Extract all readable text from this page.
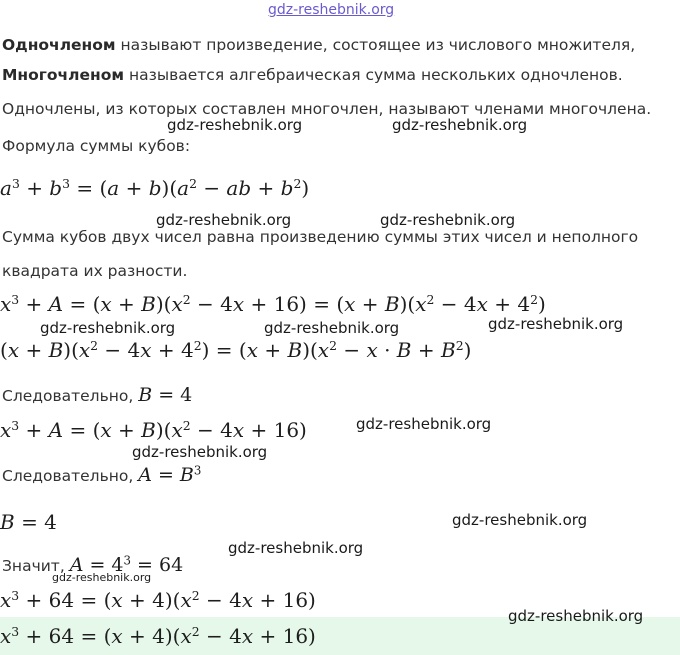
gdz-reshebnik.org
Одночленом называют произведение, состоящее из числового множителя,
Многочленом называется алгебраическая сумма нескольких одночленов.
Одночлены, из которых составлен многочлен, называют членами многочлена.
gdz-reshebnik.org	gdz-reshebnik.org
Формула суммы кубов:
$a^3 + b^3 = (a + b)(a^2$ − ab + $b^2$)
gdz-reshebnik.org	gdz-reshebnik.org
Сумма кубов двух чисел равна произведению суммы этих чисел и неполного
квадрата их разности.
$x^3 + A = (x + B)(x^2 - 4x + 16) = (x + B)(x^2 - 4x + 4^2)$
gdz-reshebnik.org	gdz-reshebnik.org	gdz-reshebnik.org
$(x + B)(x^2 - 4x + 4^2) = (x + B)(x^2 - x \cdot B + B^2)$
Следовательно, B = 4
$x^3 + A = (x + B)(x^2 - 4x + 16)$	gdz-reshebnik.org
gdz-reshebnik.org
Следовательно, $A = B^3$
B = 4	gdz-reshebnik.org
gdz-reshebnik.org
Значит, $A = 4^3 = 64$
gdz-reshebnik.org
$x^3 + 64 = (x + 4)(x^2 - 4x + 16)$
gdz-reshebnik.org
$x^3 + 64 = (x + 4)(x^2 - 4x + 16)$
